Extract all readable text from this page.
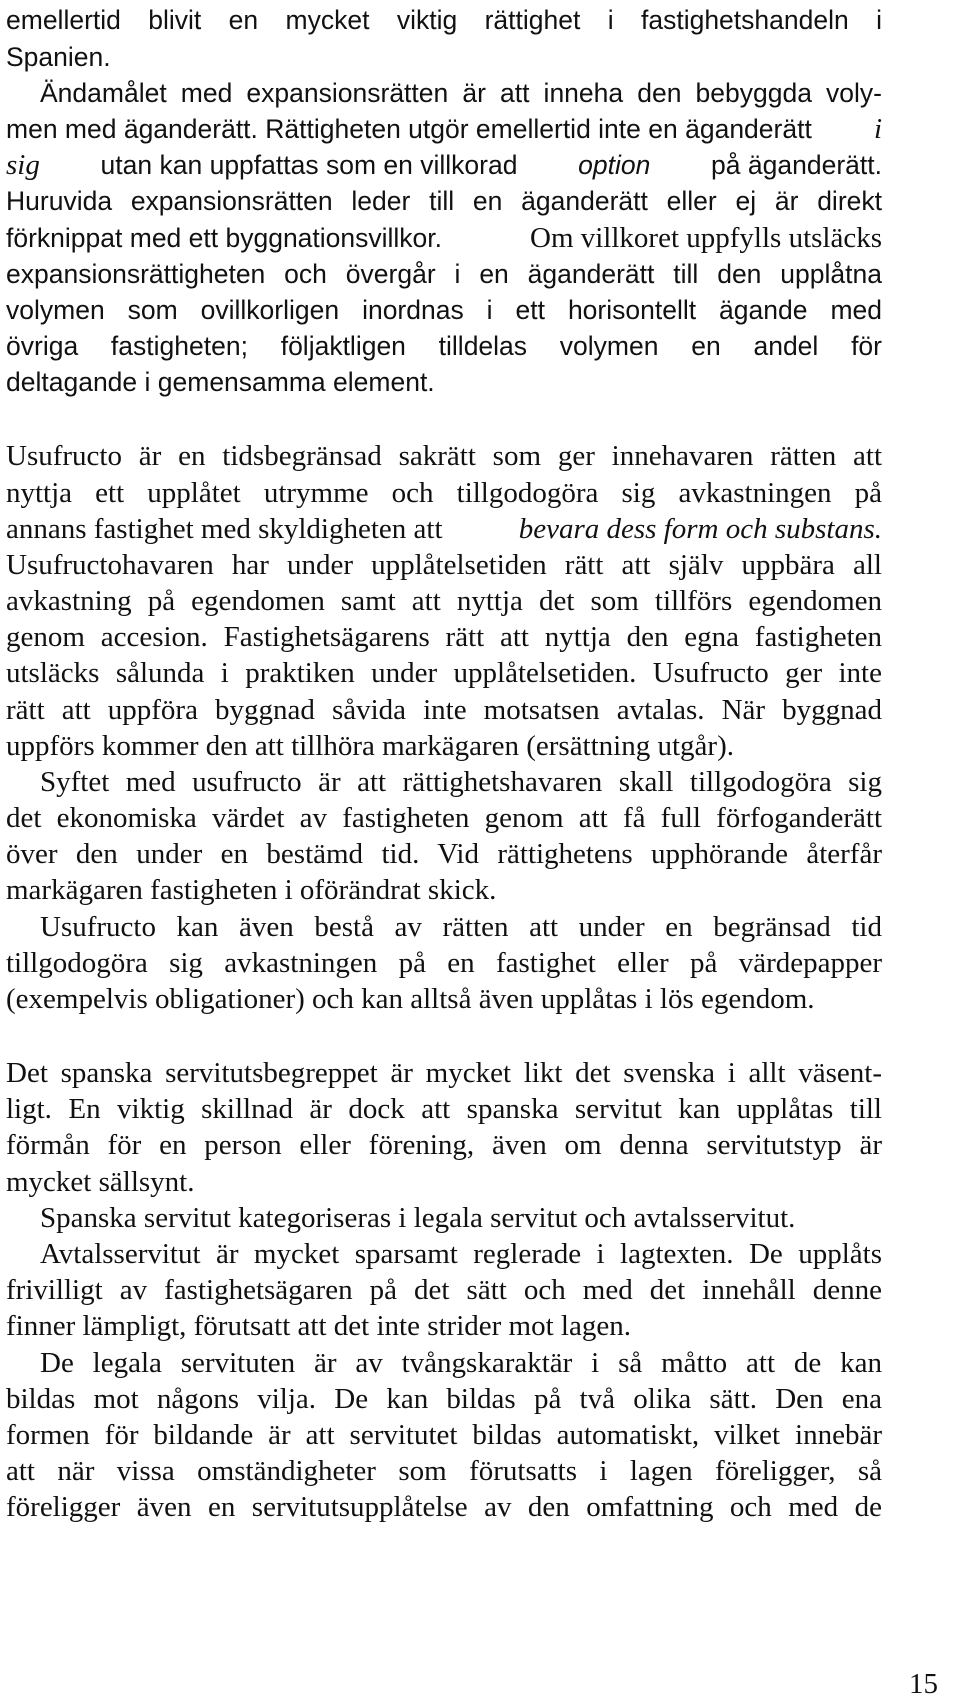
emellertid blivit en mycket viktig rättighet i fastighetshandeln i

Spanien.

Ändamålet med expansionsrätten är att inneha den bebyggda voly-

men med äganderätt. Rättigheten utgör emellertid inte en äganderätt i
sig utan kan uppfattas som en villkorad option på äganderätt.

Huruvida expansionsrätten leder till en äganderätt eller ej är direkt

förknippat med ett byggnationsvillkor.	Om villkoret uppfylls utsläcks

expansionsrättigheten och övergår i en äganderätt till den upplåtna

volymen som ovillkorligen inordnas i ett horisontellt ägande med

övriga fastigheten; följaktligen tilldelas volymen en andel för

deltagande i gemensamma element.

Usufructo är en tidsbegränsad sakrätt som ger innehavaren rätten att

nyttja ett upplåtet utrymme och tillgodogöra sig avkastningen på

annans fastighet med skyldigheten att	bevara dess form och substans.

Usufructohavaren har under upplåtelsetiden rätt att själv uppbära all

avkastning på egendomen samt att nyttja det som tillförs egendomen

genom accesion. Fastighetsägarens rätt att nyttja den egna fastigheten

utsläcks sålunda i praktiken under upplåtelsetiden. Usufructo ger inte

rätt att uppföra byggnad såvida inte motsatsen avtalas. När byggnad

uppförs kommer den att tillhöra markägaren (ersättning utgår).

Syftet med usufructo är att rättighetshavaren skall tillgodogöra sig

det ekonomiska värdet av fastigheten genom att få full förfoganderätt

över den under en bestämd tid. Vid rättighetens upphörande återfår

markägaren fastigheten i oförändrat skick.

Usufructo kan även bestå av rätten att under en begränsad tid

tillgodogöra sig avkastningen på en fastighet eller på värdepapper

(exempelvis obligationer) och kan alltså även upplåtas i lös egendom.

Det spanska servitutsbegreppet är mycket likt det svenska i allt väsent-

ligt. En viktig skillnad är dock att spanska servitut kan upplåtas till

förmån för en person eller förening, även om denna servitutstyp är

mycket sällsynt.

Spanska servitut kategoriseras i legala servitut och avtalsservitut.

Avtalsservitut är mycket sparsamt reglerade i lagtexten. De upplåts

frivilligt av fastighetsägaren på det sätt och med det innehåll denne

finner lämpligt, förutsatt att det inte strider mot lagen.

De legala servituten är av tvångskaraktär i så måtto att de kan

bildas mot någons vilja. De kan bildas på två olika sätt. Den ena

formen för bildande är att servitutet bildas automatiskt, vilket innebär

att när vissa omständigheter som förutsatts i lagen föreligger, så

föreligger även en servitutsupplåtelse av den omfattning och med de

15
